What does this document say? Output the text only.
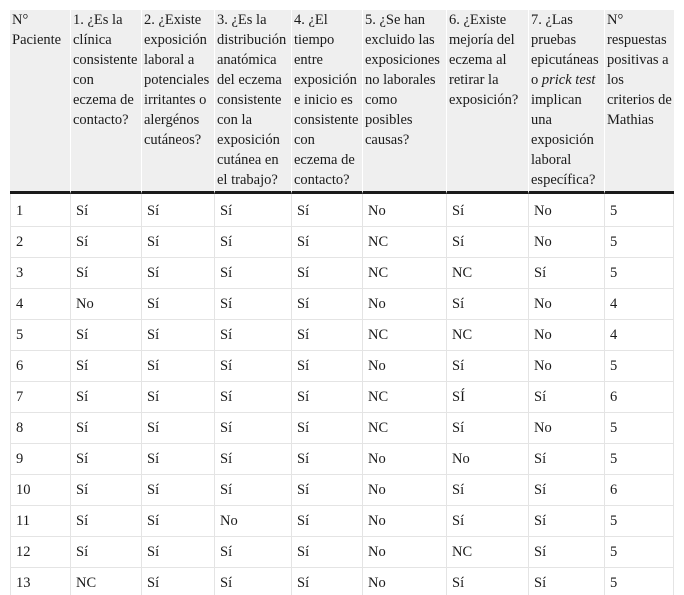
N° Paciente	1. ¿Es la clínica consistente con eczema de contacto?	2. ¿Existe exposición laboral a potenciales irritantes o alergénos cutáneos?	3. ¿Es la distribución anatómica del eczema consistente con la exposición cutánea en el trabajo?	4. ¿El tiempo entre exposición e inicio es consistente con eczema de contacto?	5. ¿Se han excluido las exposiciones no laborales como posibles causas?	6. ¿Existe mejoría del eczema al retirar la exposición?	7. ¿Las pruebas epicutáneas o prick test implican una exposición laboral específica?	N° respuestas positivas a los criterios de Mathias
1	Sí	Sí	Sí	Sí	No	Sí	No	5
2	Sí	Sí	Sí	Sí	NC	Sí	No	5
3	Sí	Sí	Sí	Sí	NC	NC	Sí	5
4	No	Sí	Sí	Sí	No	Sí	No	4
5	Sí	Sí	Sí	Sí	NC	NC	No	4
6	Sí	Sí	Sí	Sí	No	Sí	No	5
7	Sí	Sí	Sí	Sí	NC	SÍ	Sí	6
8	Sí	Sí	Sí	Sí	NC	Sí	No	5
9	Sí	Sí	Sí	Sí	No	No	Sí	5
10	Sí	Sí	Sí	Sí	No	Sí	Sí	6
11	Sí	Sí	No	Sí	No	Sí	Sí	5
12	Sí	Sí	Sí	Sí	No	NC	Sí	5
13	NC	Sí	Sí	Sí	No	Sí	Sí	5
